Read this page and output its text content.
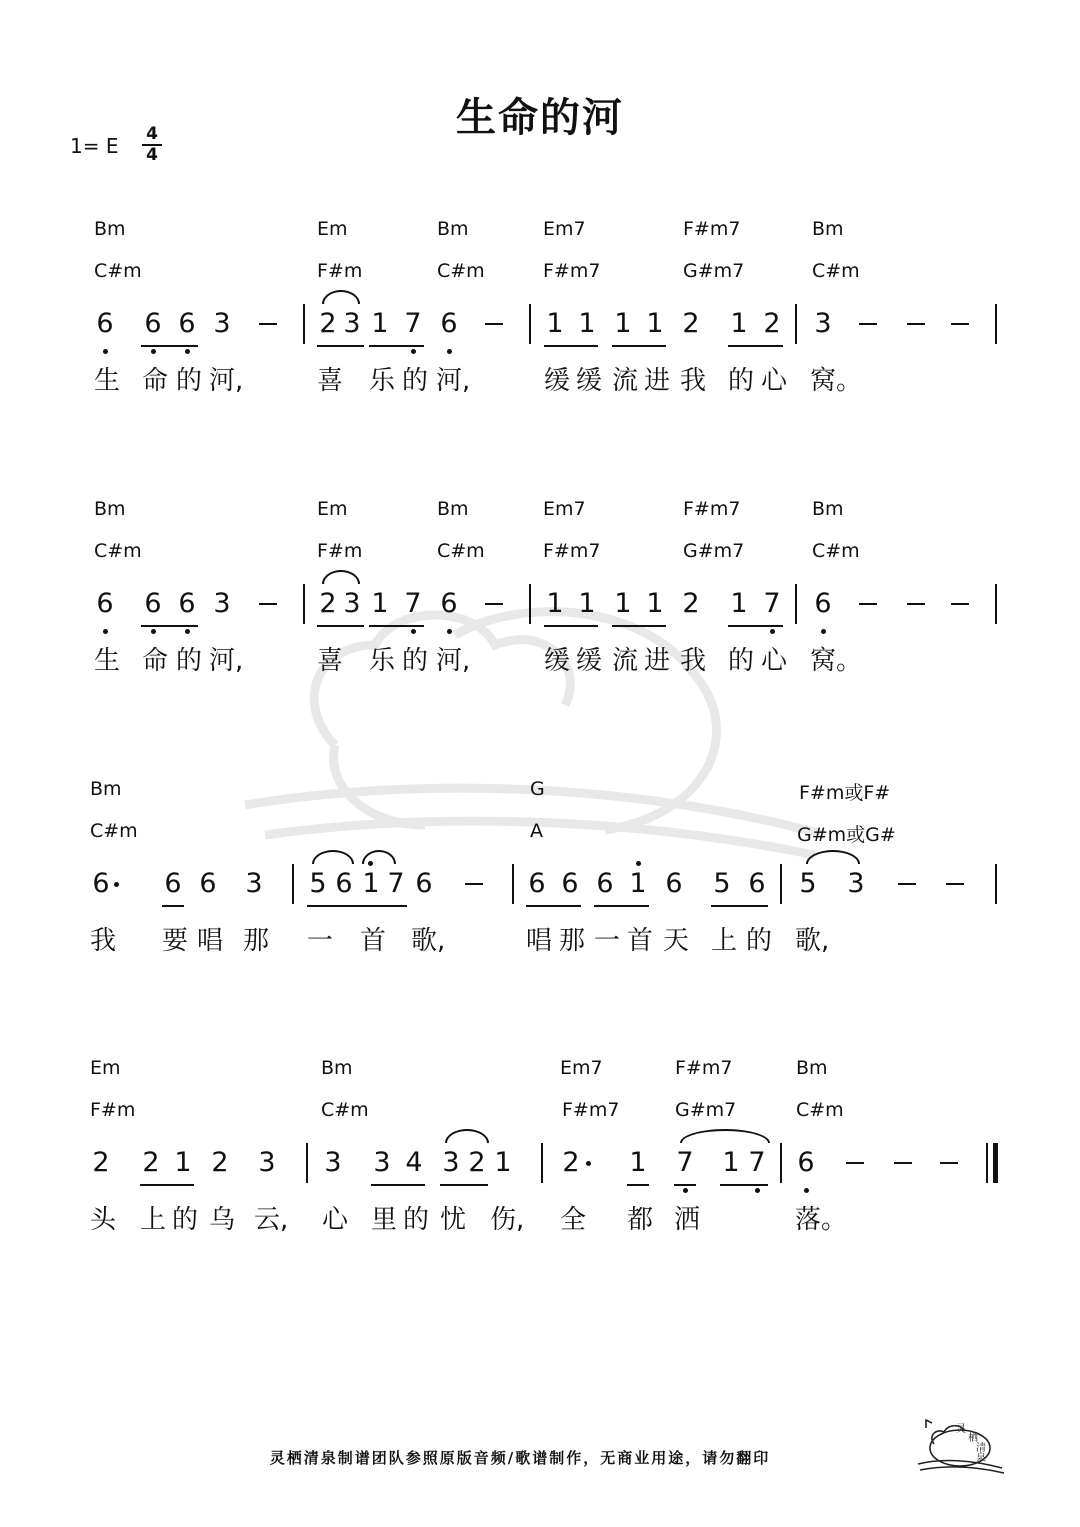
生命的河
1= E 4
4
Bm	Em	Bm	Em7	F#m7	Bm
C#m	F#m	C#m	F#m7	G#m7	C#m
6 6 6 3	2 3 1 7 6	1 1 1 1 2 1 2 3
生 命 的 河,	喜 乐 的 河,	缓 缓 流 进 我 的 心 窝。
Bm	Em	Bm	Em7	F#m7	Bm
C#m	F#m	C#m	F#m7	G#m7	C#m
6 6 6 3	2 3 1 7 6	1 1 1 1 2 1 7 6
生 命 的 河,	喜 乐 的 河,	缓 缓 流 进 我 的 心 窝。
Bm	G	F#m或F#
C#m	A	G#m或G#
6 6 6 3 5 6 1 7 6	6 6 6 1 6 5 6 5 3
我 要 唱 那 一 首 歌,	唱 那 一 首 天 上 的 歌,
Em	Bm	Em7	F#m7	Bm
F#m	C#m	F#m7	G#m7	C#m
2 2 1 2 3 3 3 4 3 2 1 2 1 7 1 7 6
头 上 的 乌 云, 心 里 的 忧 伤, 全 都 洒	落。
灵栖清泉制谱团队参照原版音频/歌谱制作，无商业用途，请勿翻印
灵
栖
清
泉
